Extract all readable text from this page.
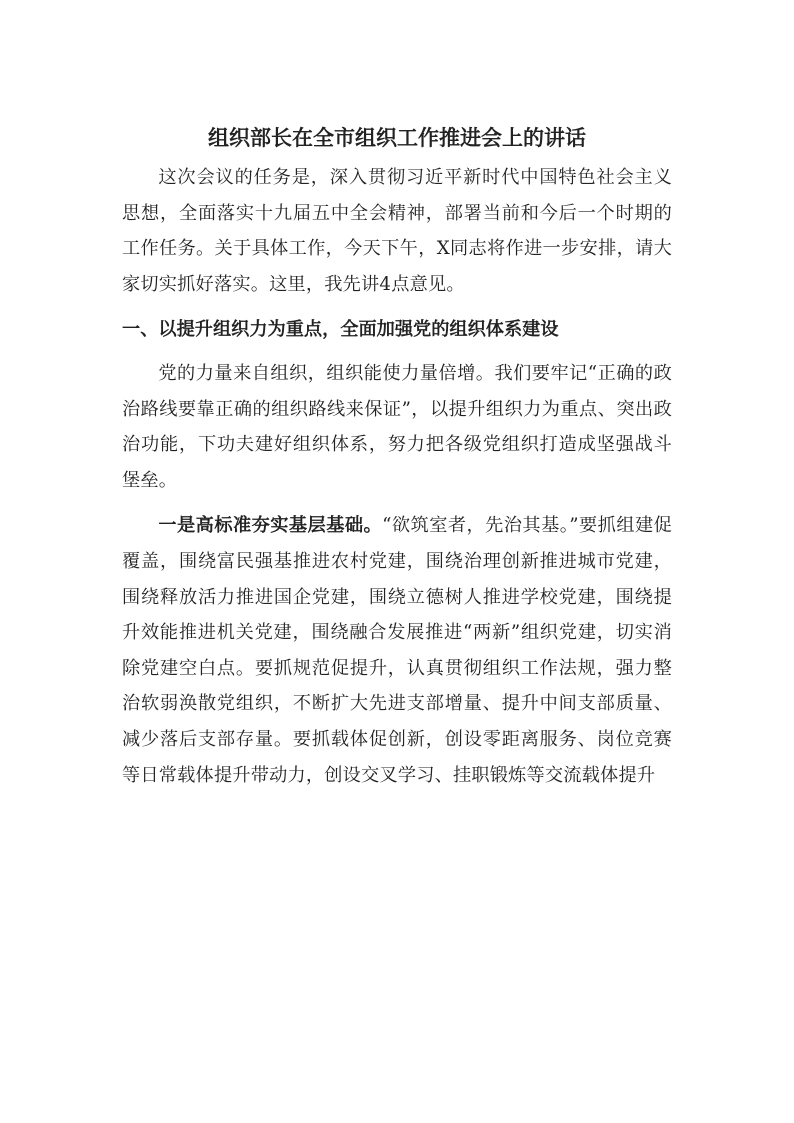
组织部长在全市组织工作推进会上的讲话

这次会议的任务是，深入贯彻习近平新时代中国特色社会主义思想，全面落实十九届五中全会精神，部署当前和今后一个时期的工作任务。关于具体工作，今天下午，X同志将作进一步安排，请大家切实抓好落实。这里，我先讲4点意见。

一、以提升组织力为重点，全面加强党的组织体系建设

党的力量来自组织，组织能使力量倍增。我们要牢记“正确的政治路线要靠正确的组织路线来保证”，以提升组织力为重点、突出政治功能，下功夫建好组织体系，努力把各级党组织打造成坚强战斗堡垒。

一是高标准夯实基层基础。“欲筑室者，先治其基。”要抓组建促覆盖，围绕富民强基推进农村党建，围绕治理创新推进城市党建，围绕释放活力推进国企党建，围绕立德树人推进学校党建，围绕提升效能推进机关党建，围绕融合发展推进“两新”组织党建，切实消除党建空白点。要抓规范促提升，认真贯彻组织工作法规，强力整治软弱涣散党组织，不断扩大先进支部增量、提升中间支部质量、减少落后支部存量。要抓载体促创新，创设零距离服务、岗位竞赛等日常载体提升带动力，创设交叉学习、挂职锻炼等交流载体提升
